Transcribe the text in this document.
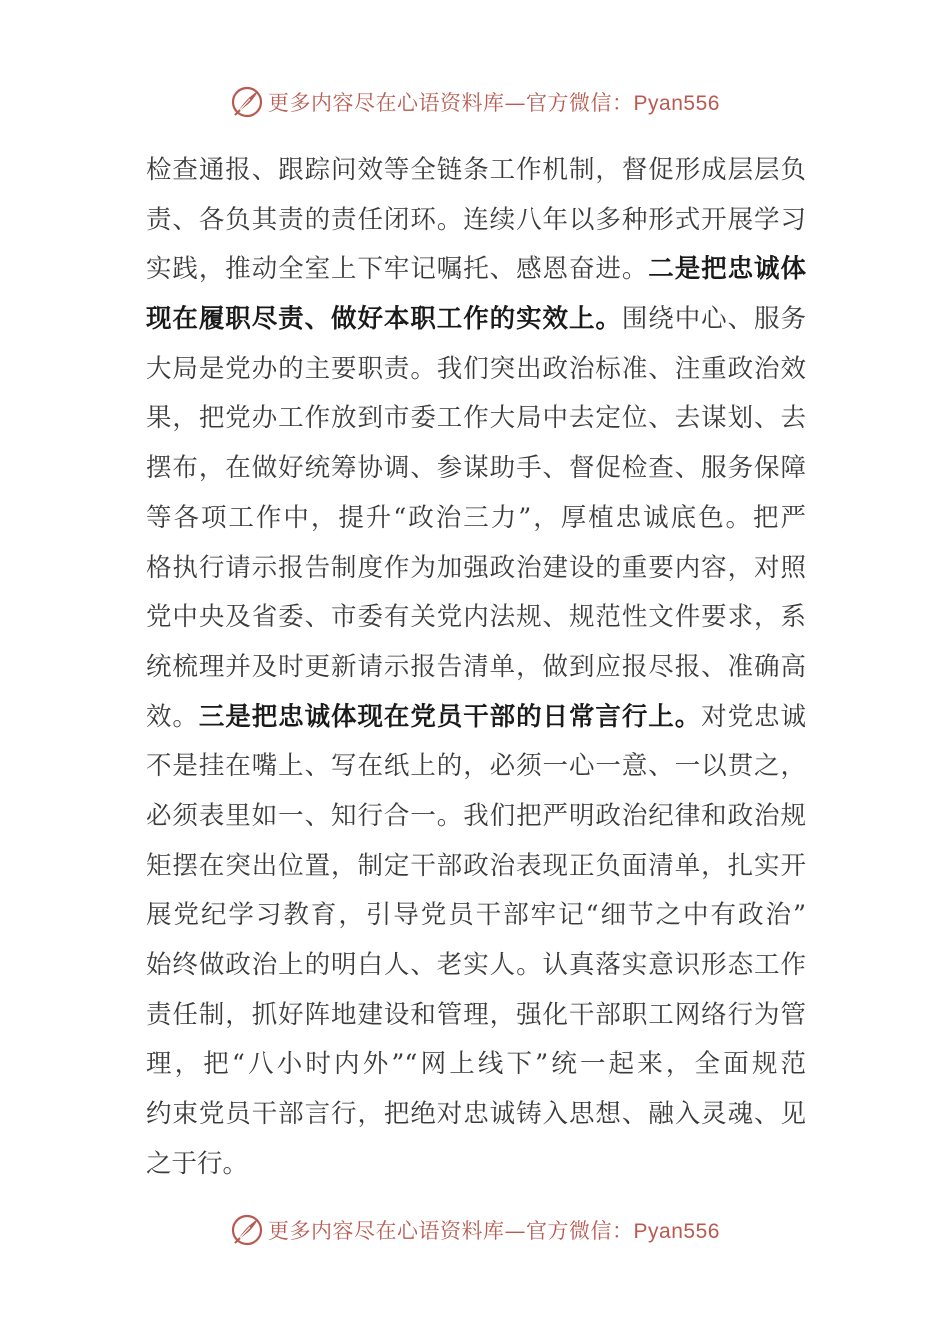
更多内容尽在心语资料库—官方微信：Pyan556
检查通报、跟踪问效等全链条工作机制，督促形成层层负
责、各负其责的责任闭环。连续八年以多种形式开展学习
实践，推动全室上下牢记嘱托、感恩奋进。二是把忠诚体
现在履职尽责、做好本职工作的实效上。围绕中心、服务
大局是党办的主要职责。我们突出政治标准、注重政治效
果，把党办工作放到市委工作大局中去定位、去谋划、去
摆布，在做好统筹协调、参谋助手、督促检查、服务保障
等各项工作中，提升“政治三力”，厚植忠诚底色。把严
格执行请示报告制度作为加强政治建设的重要内容，对照
党中央及省委、市委有关党内法规、规范性文件要求，系
统梳理并及时更新请示报告清单，做到应报尽报、准确高
效。三是把忠诚体现在党员干部的日常言行上。对党忠诚
不是挂在嘴上、写在纸上的，必须一心一意、一以贯之，
必须表里如一、知行合一。我们把严明政治纪律和政治规
矩摆在突出位置，制定干部政治表现正负面清单，扎实开
展党纪学习教育，引导党员干部牢记“细节之中有政治”
始终做政治上的明白人、老实人。认真落实意识形态工作
责任制，抓好阵地建设和管理，强化干部职工网络行为管
理，把“八小时内外”“网上线下”统一起来，全面规范
约束党员干部言行，把绝对忠诚铸入思想、融入灵魂、见
之于行。
更多内容尽在心语资料库—官方微信：Pyan556
